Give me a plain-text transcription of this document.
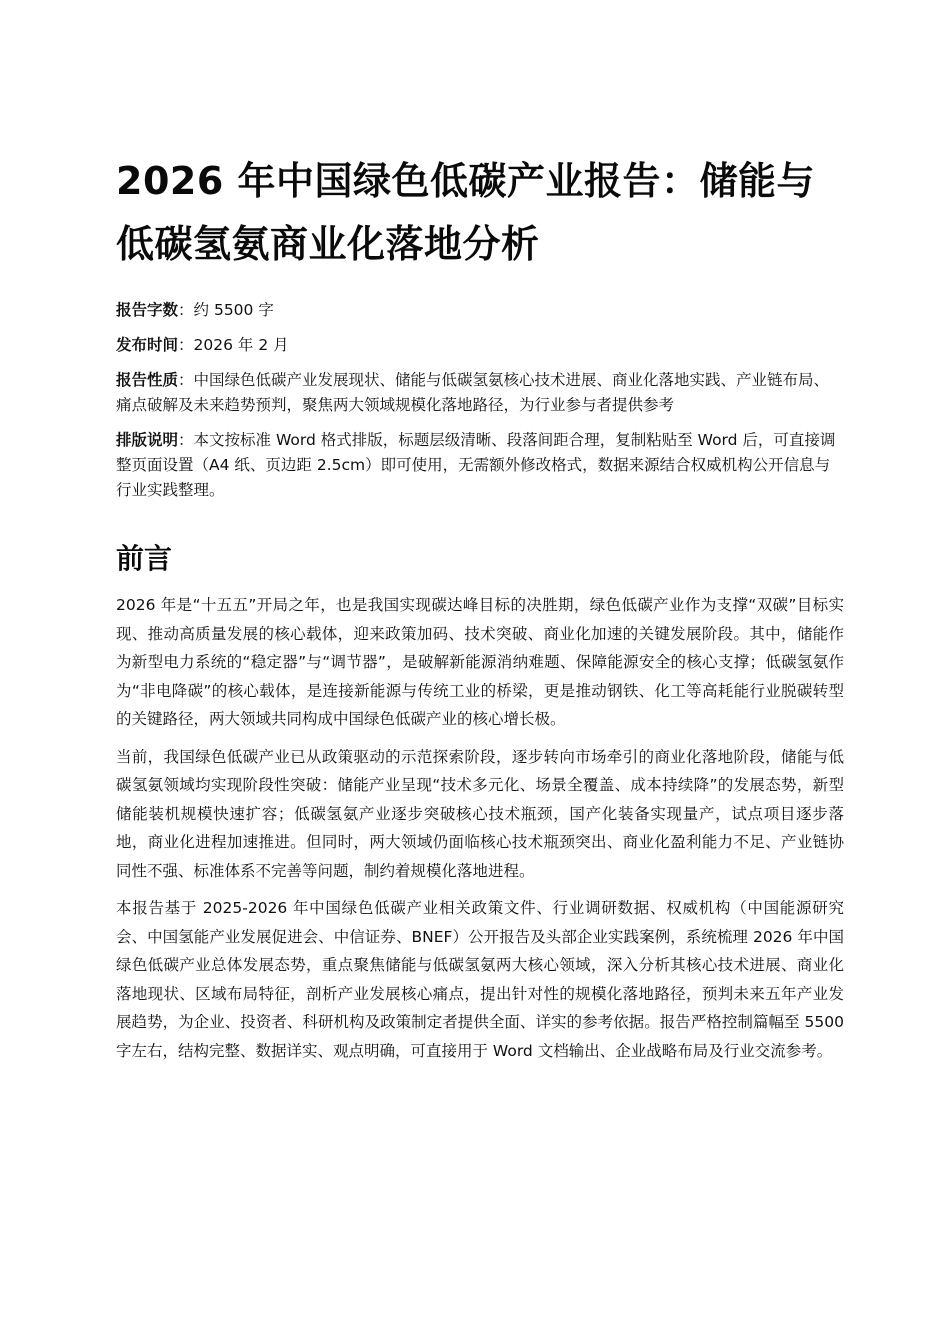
2026 年中国绿色低碳产业报告：储能与低碳氢氨商业化落地分析

报告字数：约 5500 字

发布时间：2026 年 2 月

报告性质：中国绿色低碳产业发展现状、储能与低碳氢氨核心技术进展、商业化落地实践、产业链布局、痛点破解及未来趋势预判，聚焦两大领域规模化落地路径，为行业参与者提供参考

排版说明：本文按标准 Word 格式排版，标题层级清晰、段落间距合理，复制粘贴至 Word 后，可直接调整页面设置（A4 纸、页边距 2.5cm）即可使用，无需额外修改格式，数据来源结合权威机构公开信息与行业实践整理。

前言

2026 年是“十五五”开局之年，也是我国实现碳达峰目标的决胜期，绿色低碳产业作为支撑“双碳”目标实现、推动高质量发展的核心载体，迎来政策加码、技术突破、商业化加速的关键发展阶段。其中，储能作为新型电力系统的“稳定器”与“调节器”，是破解新能源消纳难题、保障能源安全的核心支撑；低碳氢氨作为“非电降碳”的核心载体，是连接新能源与传统工业的桥梁，更是推动钢铁、化工等高耗能行业脱碳转型的关键路径，两大领域共同构成中国绿色低碳产业的核心增长极。

当前，我国绿色低碳产业已从政策驱动的示范探索阶段，逐步转向市场牵引的商业化落地阶段，储能与低碳氢氨领域均实现阶段性突破：储能产业呈现“技术多元化、场景全覆盖、成本持续降”的发展态势，新型储能装机规模快速扩容；低碳氢氨产业逐步突破核心技术瓶颈，国产化装备实现量产，试点项目逐步落地，商业化进程加速推进。但同时，两大领域仍面临核心技术瓶颈突出、商业化盈利能力不足、产业链协同性不强、标准体系不完善等问题，制约着规模化落地进程。

本报告基于 2025-2026 年中国绿色低碳产业相关政策文件、行业调研数据、权威机构（中国能源研究会、中国氢能产业发展促进会、中信证券、BNEF）公开报告及头部企业实践案例，系统梳理 2026 年中国绿色低碳产业总体发展态势，重点聚焦储能与低碳氢氨两大核心领域，深入分析其核心技术进展、商业化落地现状、区域布局特征，剖析产业发展核心痛点，提出针对性的规模化落地路径，预判未来五年产业发展趋势，为企业、投资者、科研机构及政策制定者提供全面、详实的参考依据。报告严格控制篇幅至 5500 字左右，结构完整、数据详实、观点明确，可直接用于 Word 文档输出、企业战略布局及行业交流参考。
